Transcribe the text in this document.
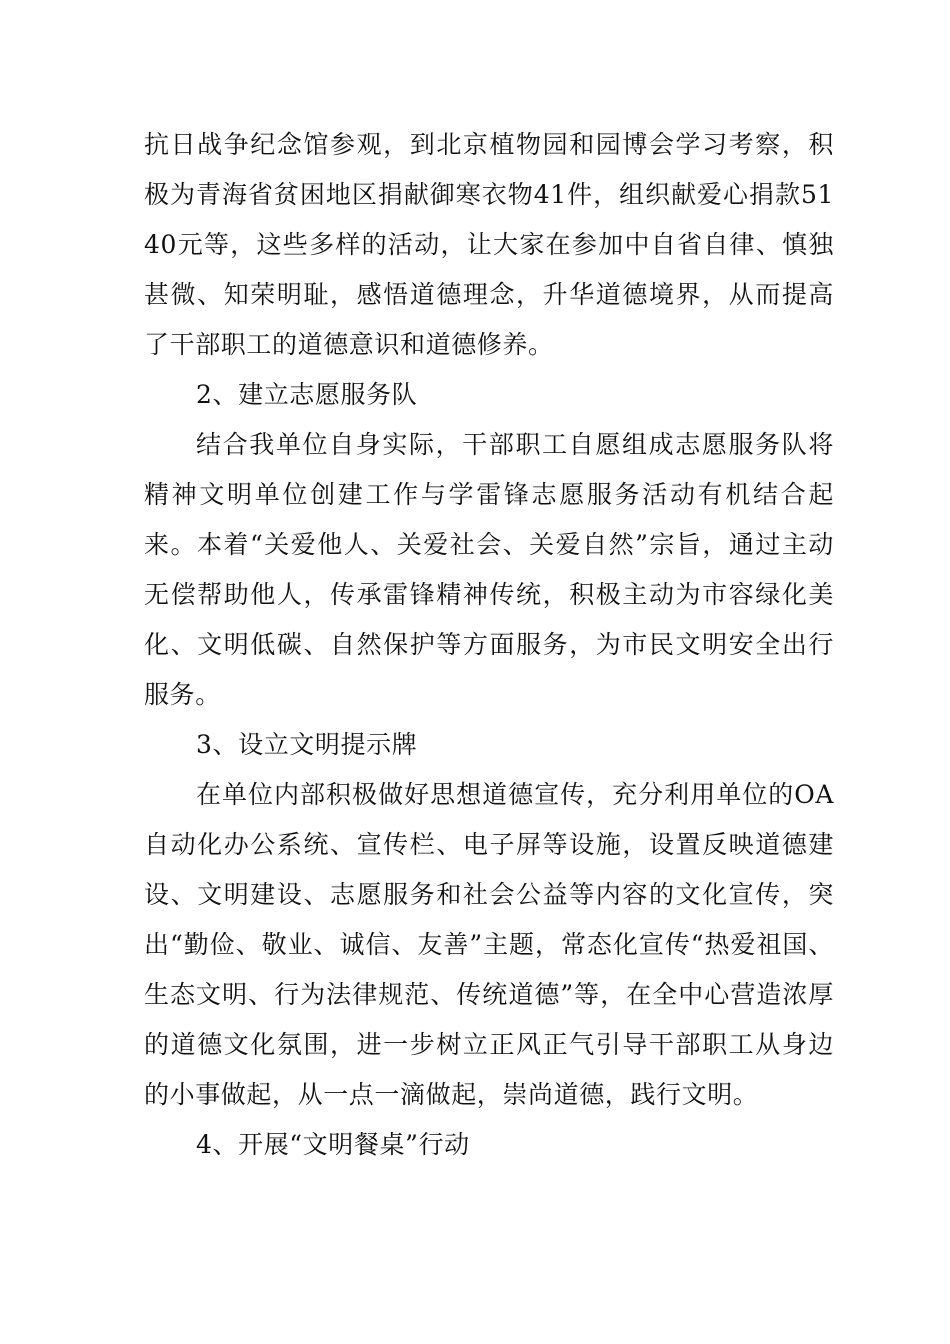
抗日战争纪念馆参观，到北京植物园和园博会学习考察，积极为青海省贫困地区捐献御寒衣物41件，组织献爱心捐款5140元等，这些多样的活动，让大家在参加中自省自律、慎独甚微、知荣明耻，感悟道德理念，升华道德境界，从而提高了干部职工的道德意识和道德修养。

2、建立志愿服务队

结合我单位自身实际，干部职工自愿组成志愿服务队将精神文明单位创建工作与学雷锋志愿服务活动有机结合起来。本着“关爱他人、关爱社会、关爱自然”宗旨，通过主动无偿帮助他人，传承雷锋精神传统，积极主动为市容绿化美化、文明低碳、自然保护等方面服务，为市民文明安全出行服务。

3、设立文明提示牌

在单位内部积极做好思想道德宣传，充分利用单位的OA自动化办公系统、宣传栏、电子屏等设施，设置反映道德建设、文明建设、志愿服务和社会公益等内容的文化宣传，突出“勤俭、敬业、诚信、友善”主题，常态化宣传“热爱祖国、生态文明、行为法律规范、传统道德”等，在全中心营造浓厚的道德文化氛围，进一步树立正风正气引导干部职工从身边的小事做起，从一点一滴做起，崇尚道德，践行文明。

4、开展“文明餐桌”行动
